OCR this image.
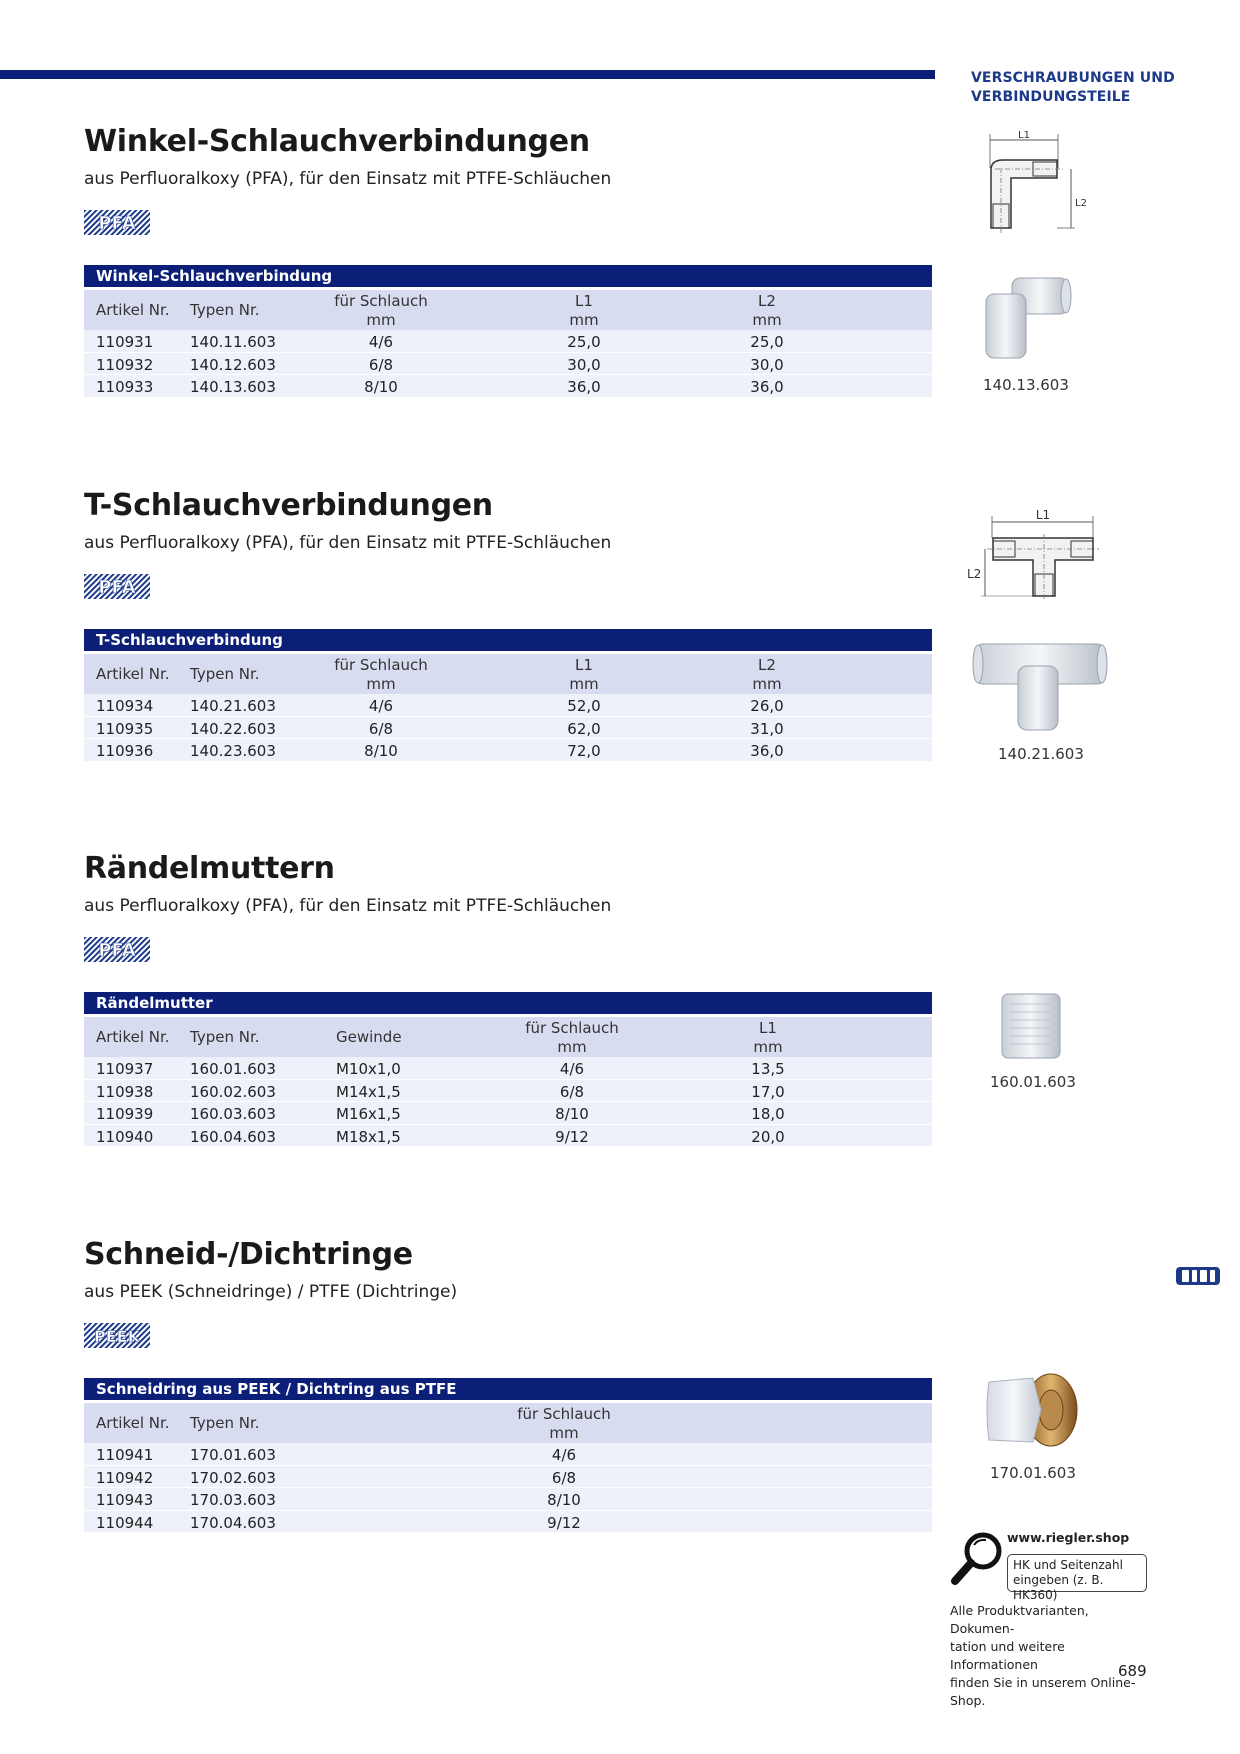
VERSCHRAUBUNGEN UND
VERBINDUNGSTEILE
Winkel-Schlauchverbindungen
aus Perfluoralkoxy (PFA), für den Einsatz mit PTFE-Schläuchen
PFA
Winkel-Schlauchverbindung
Artikel Nr. Typen Nr.	für Schlauch
mm
L1
mm
L2
mm
110931 140.11.603	4/6	25,0	25,0
110932 140.12.603	6/8	30,0	30,0
110933 140.13.603	8/10	36,0	36,0
L1
L2
140.13.603
T-Schlauchverbindungen
aus Perfluoralkoxy (PFA), für den Einsatz mit PTFE-Schläuchen
PFA
T-Schlauchverbindung
Artikel Nr. Typen Nr.	für Schlauch
mm
L1
mm
L2
mm
110934 140.21.603	4/6	52,0	26,0
110935 140.22.603	6/8	62,0	31,0
110936 140.23.603	8/10	72,0	36,0
L1
L2
140.21.603
Rändelmuttern
aus Perfluoralkoxy (PFA), für den Einsatz mit PTFE-Schläuchen
PFA
Rändelmutter
Artikel Nr. Typen Nr.	Gewinde	für Schlauch
mm
L1
mm
110937 160.01.603	M10x1,0	4/6	13,5
110938 160.02.603	M14x1,5	6/8	17,0
110939 160.03.603	M16x1,5	8/10	18,0
110940 160.04.603	M18x1,5	9/12	20,0
160.01.603
Schneid-/Dichtringe
aus PEEK (Schneidringe) / PTFE (Dichtringe)
PEEK
Schneidring aus PEEK / Dichtring aus PTFE
Artikel Nr. Typen Nr.	für Schlauch
mm
110941 170.01.603	4/6
110942 170.02.603	6/8
110943 170.03.603	8/10
110944 170.04.603	9/12
170.01.603
www.riegler.shop
HK und Seitenzahl
eingeben (z. B. HK360)
Alle Produktvarianten, Dokumen-
tation und weitere Informationen
finden Sie in unserem Online-Shop.
689
